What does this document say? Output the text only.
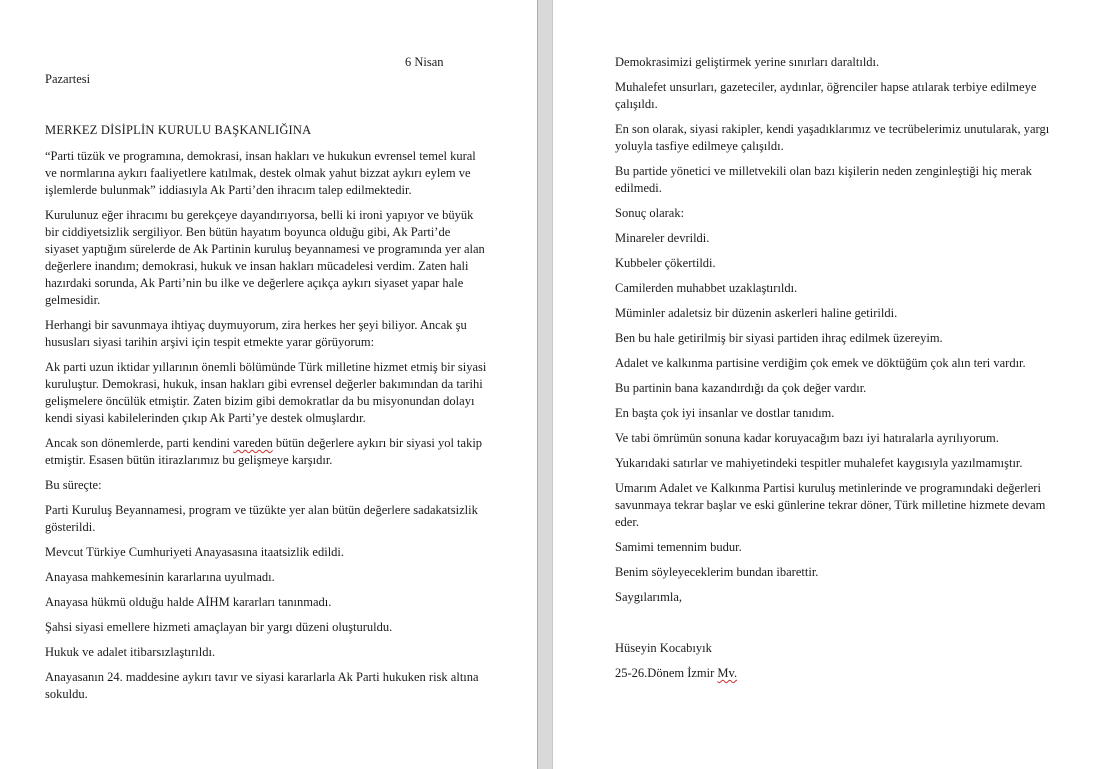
6 Nisan
Pazartesi

MERKEZ DİSİPLİN KURULU BAŞKANLIĞINA

“Parti tüzük ve programına, demokrasi, insan hakları ve hukukun evrensel temel kural ve normlarına aykırı faaliyetlere katılmak, destek olmak yahut bizzat aykırı eylem ve işlemlerde bulunmak” iddiasıyla Ak Parti’den ihracım talep edilmektedir.

Kurulunuz eğer ihracımı bu gerekçeye dayandırıyorsa, belli ki ironi yapıyor ve büyük bir ciddiyetsizlik sergiliyor. Ben bütün hayatım boyunca olduğu gibi, Ak Parti’de siyaset yaptığım sürelerde de Ak Partinin kuruluş beyannamesi ve programında yer alan değerlere inandım; demokrasi, hukuk ve insan hakları mücadelesi verdim. Zaten hali hazırdaki sorunda, Ak Parti’nin bu ilke ve değerlere açıkça aykırı siyaset yapar hale gelmesidir.

Herhangi bir savunmaya ihtiyaç duymuyorum, zira herkes her şeyi biliyor. Ancak şu hususları siyasi tarihin arşivi için tespit etmekte yarar görüyorum:

Ak parti uzun iktidar yıllarının önemli bölümünde Türk milletine hizmet etmiş bir siyasi kuruluştur. Demokrasi, hukuk, insan hakları gibi evrensel değerler bakımından da tarihi gelişmelere öncülük etmiştir. Zaten bizim gibi demokratlar da bu misyonundan dolayı kendi siyasi kabilelerinden çıkıp Ak Parti’ye destek olmuşlardır.

Ancak son dönemlerde, parti kendini vareden bütün değerlere aykırı bir siyasi yol takip etmiştir. Esasen bütün itirazlarımız bu gelişmeye karşıdır.

Bu süreçte:

Parti Kuruluş Beyannamesi, program ve tüzükte yer alan bütün değerlere sadakatsizlik gösterildi.

Mevcut Türkiye Cumhuriyeti Anayasasına itaatsizlik edildi.

Anayasa mahkemesinin kararlarına uyulmadı.

Anayasa hükmü olduğu halde AİHM kararları tanınmadı.

Şahsi siyasi emellere hizmeti amaçlayan bir yargı düzeni oluşturuldu.

Hukuk ve adalet itibarsızlaştırıldı.

Anayasanın 24. maddesine aykırı tavır ve siyasi kararlarla Ak Parti hukuken risk altına sokuldu.

Demokrasimizi geliştirmek yerine sınırları daraltıldı.

Muhalefet unsurları, gazeteciler, aydınlar, öğrenciler hapse atılarak terbiye edilmeye çalışıldı.

En son olarak, siyasi rakipler, kendi yaşadıklarımız ve tecrübelerimiz unutularak, yargı yoluyla tasfiye edilmeye çalışıldı.

Bu partide yönetici ve milletvekili olan bazı kişilerin neden zenginleştiği hiç merak edilmedi.

Sonuç olarak:

Minareler devrildi.

Kubbeler çökertildi.

Camilerden muhabbet uzaklaştırıldı.

Müminler adaletsiz bir düzenin askerleri haline getirildi.

Ben bu hale getirilmiş bir siyasi partiden ihraç edilmek üzereyim.

Adalet ve kalkınma partisine verdiğim çok emek ve döktüğüm çok alın teri vardır.

Bu partinin bana kazandırdığı da çok değer vardır.

En başta çok iyi insanlar ve dostlar tanıdım.

Ve tabi ömrümün sonuna kadar koruyacağım bazı iyi hatıralarla ayrılıyorum.

Yukarıdaki satırlar ve mahiyetindeki tespitler muhalefet kaygısıyla yazılmamıştır.

Umarım Adalet ve Kalkınma Partisi kuruluş metinlerinde ve programındaki değerleri savunmaya tekrar başlar ve eski günlerine tekrar döner, Türk milletine hizmete devam eder.

Samimi temennim budur.

Benim söyleyeceklerim bundan ibarettir.

Saygılarımla,

Hüseyin Kocabıyık

25-26.Dönem İzmir Mv.
